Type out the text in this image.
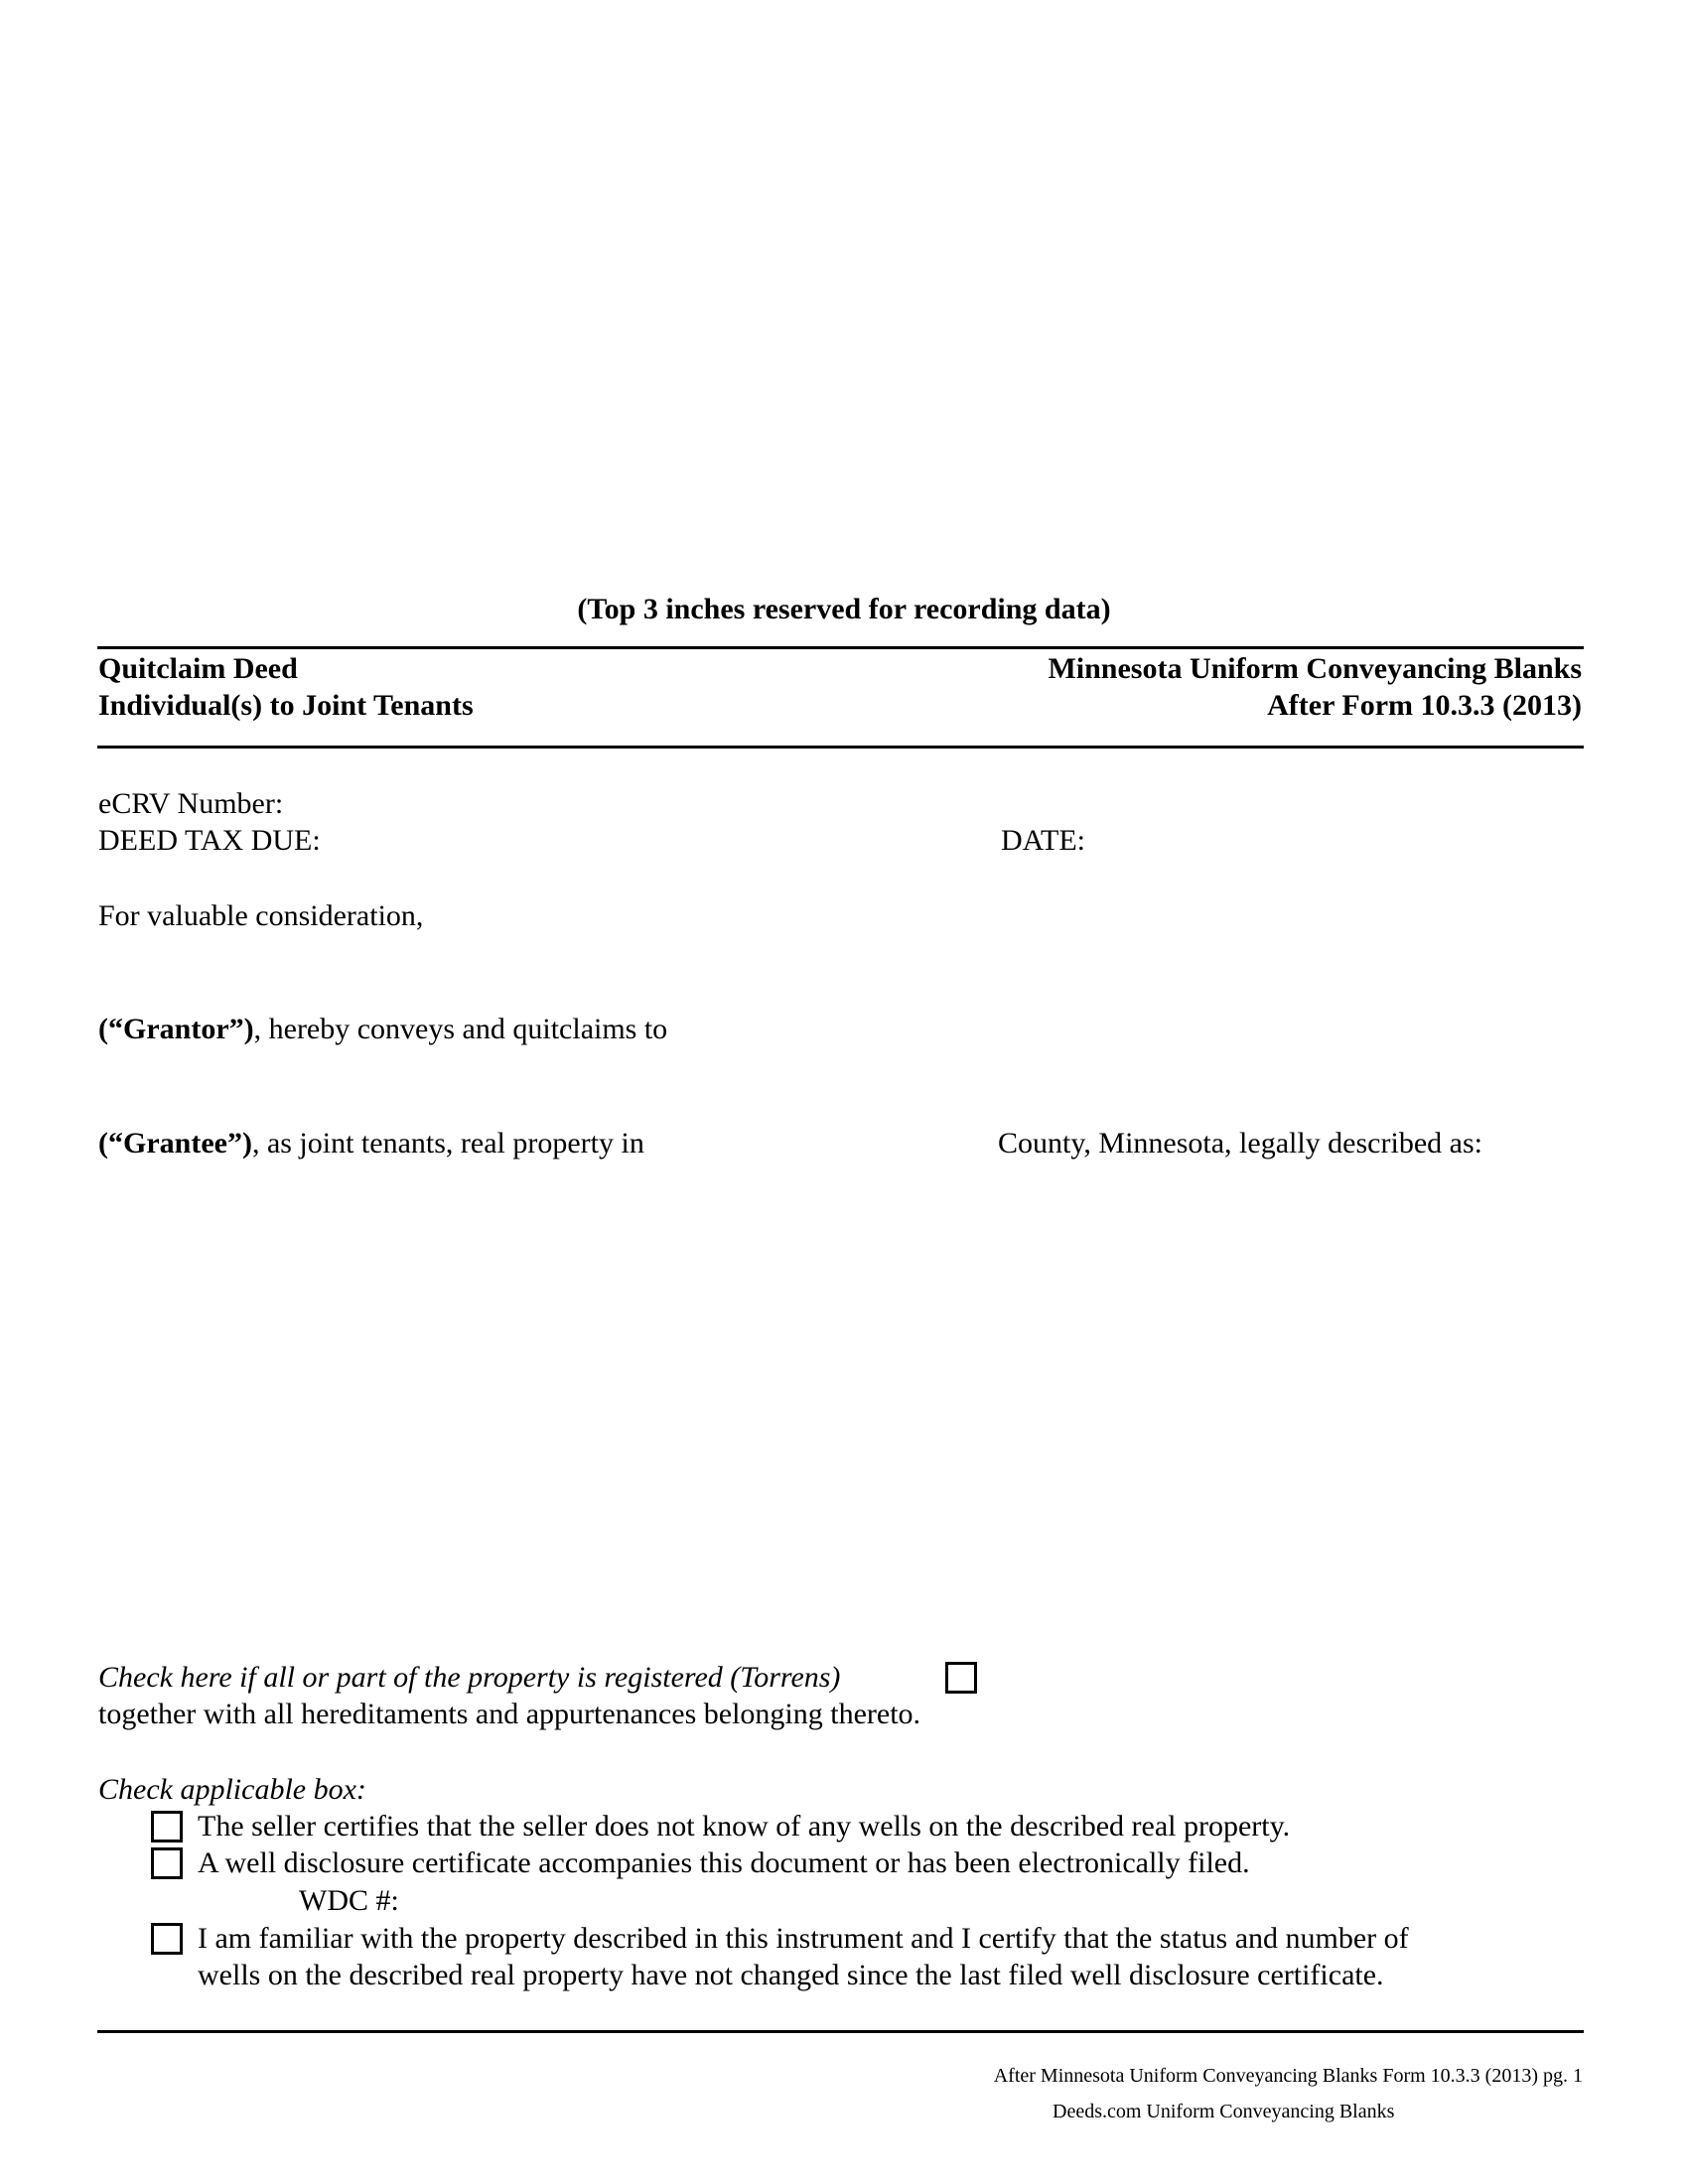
(Top 3 inches reserved for recording data)
Quitclaim Deed
Individual(s) to Joint Tenants
Minnesota Uniform Conveyancing Blanks
After Form 10.3.3 (2013)
eCRV Number:
DEED TAX DUE:	DATE:
For valuable consideration,
(“Grantor”), hereby conveys and quitclaims to
(“Grantee”), as joint tenants, real property in	County, Minnesota, legally described as:
Check here if all or part of the property is registered (Torrens)
together with all hereditaments and appurtenances belonging thereto.
Check applicable box:
The seller certifies that the seller does not know of any wells on the described real property.
A well disclosure certificate accompanies this document or has been electronically filed.
WDC #:
I am familiar with the property described in this instrument and I certify that the status and number of
wells on the described real property have not changed since the last filed well disclosure certificate.
After Minnesota Uniform Conveyancing Blanks Form 10.3.3 (2013) pg. 1
Deeds.com Uniform Conveyancing Blanks
